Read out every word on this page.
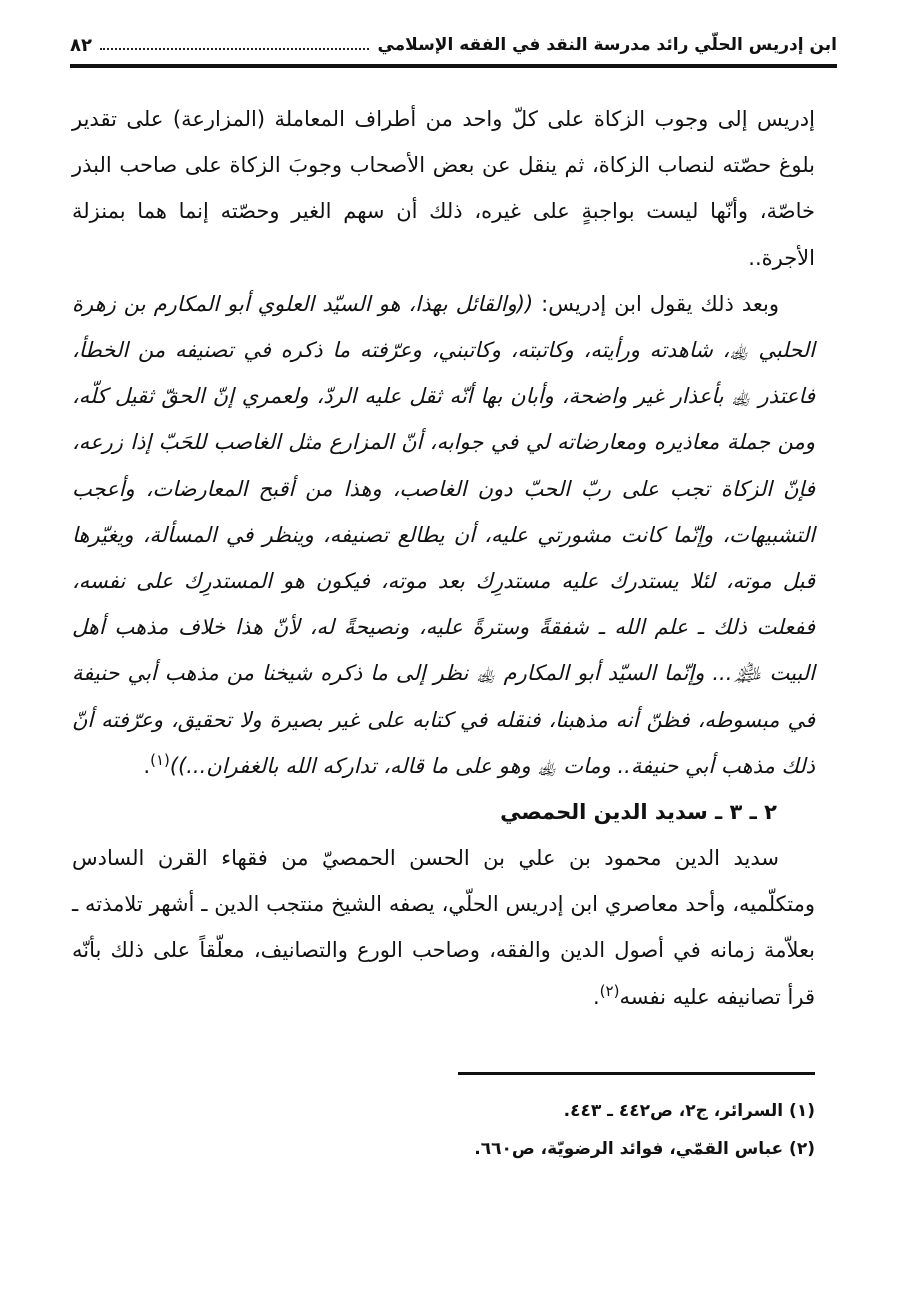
ابن إدريس الحلّي رائد مدرسة النقد في الفقه الإسلامي
٨٢

إدريس إلى وجوب الزكاة على كلّ واحد من أطراف المعاملة (المزارعة) على تقدير بلوغ حصّته لنصاب الزكاة، ثم ينقل عن بعض الأصحاب وجوبَ الزكاة على صاحب البذر خاصّة، وأنّها ليست بواجبةٍ على غيره، ذلك أن سهم الغير وحصّته إنما هما بمنزلة الأجرة..

وبعد ذلك يقول ابن إدريس: ((والقائل بهذا، هو السيّد العلوي أبو المكارم بن زهرة الحلبي ﵀، شاهدته ورأيته، وكاتبته، وكاتبني، وعرّفته ما ذكره في تصنيفه من الخطأ، فاعتذر ﵀ بأعذار غير واضحة، وأبان بها أنّه ثقل عليه الردّ، ولعمري إنّ الحقّ ثقيل كلّه، ومن جملة معاذيره ومعارضاته لي في جوابه، أنّ المزارع مثل الغاصب للحَبّ إذا زرعه، فإنّ الزكاة تجب على ربّ الحبّ دون الغاصب، وهذا من أقبح المعارضات، وأعجب التشبيهات، وإنّما كانت مشورتي عليه، أن يطالع تصنيفه، وينظر في المسألة، ويغيّرها قبل موته، لئلا يستدرك عليه مستدرِك بعد موته، فيكون هو المستدرِك على نفسه، ففعلت ذلك ـ علم الله ـ شفقةً وسترةً عليه، ونصيحةً له، لأنّ هذا خلاف مذهب أهل البيت ﵈... وإنّما السيّد أبو المكارم ﵀ نظر إلى ما ذكره شيخنا من مذهب أبي حنيفة في مبسوطه، فظنّ أنه مذهبنا، فنقله في كتابه على غير بصيرة ولا تحقيق، وعرّفته أنّ ذلك مذهب أبي حنيفة.. ومات ﵀ وهو على ما قاله، تداركه الله بالغفران...))$^{(١)}$.

٢ ـ ٣ ـ سديد الدين الحمصي

سديد الدين محمود بن علي بن الحسن الحمصيّ من فقهاء القرن السادس ومتكلّميه، وأحد معاصري ابن إدريس الحلّي، يصفه الشيخ منتجب الدين ـ أشهر تلامذته ـ بعلاّمة زمانه في أصول الدين والفقه، وصاحب الورع والتصانيف، معلّقاً على ذلك بأنّه قرأ تصانيفه عليه نفسه$^{(٢)}$.

(١) السرائر، ج٢، ص٤٤٢ ـ ٤٤٣.
(٢) عباس القمّي، فوائد الرضويّة، ص٦٦٠.
